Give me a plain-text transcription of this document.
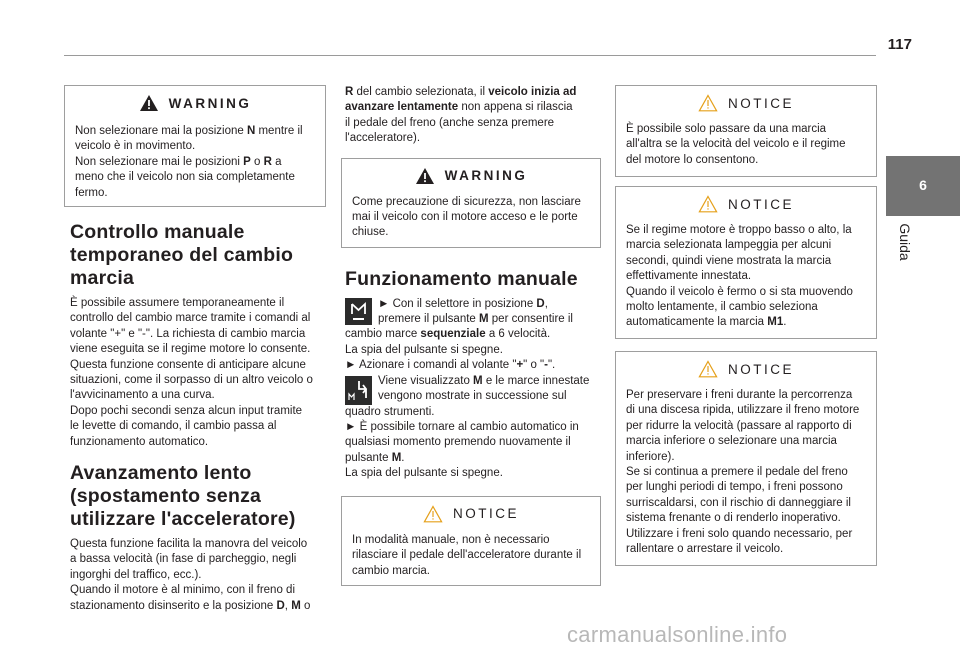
117
6
Guida
WARNING
Non selezionare mai la posizione N mentre il
veicolo è in movimento.
Non selezionare mai le posizioni P o R a
meno che il veicolo non sia completamente
fermo.
Controllo manuale
temporaneo del cambio
marcia

È possibile assumere temporaneamente il
controllo del cambio marce tramite i comandi al
volante "+" e "-". La richiesta di cambio marcia
viene eseguita se il regime motore lo consente.
Questa funzione consente di anticipare alcune
situazioni, come il sorpasso di un altro veicolo o
l'avvicinamento a una curva.
Dopo pochi secondi senza alcun input tramite
le levette di comando, il cambio passa al
funzionamento automatico.

Avanzamento lento
(spostamento senza
utilizzare l'acceleratore)

Questa funzione facilita la manovra del veicolo
a bassa velocità (in fase di parcheggio, negli
ingorghi del traffico, ecc.).
Quando il motore è al minimo, con il freno di
stazionamento disinserito e la posizione D, M o

R del cambio selezionata, il veicolo inizia ad
avanzare lentamente non appena si rilascia
il pedale del freno (anche senza premere
l'acceleratore).

WARNING
Come precauzione di sicurezza, non lasciare
mai il veicolo con il motore acceso e le porte
chiuse.
Funzionamento manuale

► Con il selettore in posizione D,
premere il pulsante M per consentire il
cambio marce sequenziale a 6 velocità.
La spia del pulsante si spegne.
► Azionare i comandi al volante "+" o "-".

Viene visualizzato M e le marce innestate
vengono mostrate in successione sul
quadro strumenti.
► È possibile tornare al cambio automatico in
qualsiasi momento premendo nuovamente il
pulsante M.
La spia del pulsante si spegne.

NOTICE
In modalità manuale, non è necessario
rilasciare il pedale dell'acceleratore durante il
cambio marcia.
NOTICE
È possibile solo passare da una marcia
all'altra se la velocità del veicolo e il regime
del motore lo consentono.
NOTICE
Se il regime motore è troppo basso o alto, la
marcia selezionata lampeggia per alcuni
secondi, quindi viene mostrata la marcia
effettivamente innestata.
Quando il veicolo è fermo o si sta muovendo
molto lentamente, il cambio seleziona
automaticamente la marcia M1.
NOTICE
Per preservare i freni durante la percorrenza
di una discesa ripida, utilizzare il freno motore
per ridurre la velocità (passare al rapporto di
marcia inferiore o selezionare una marcia
inferiore).
Se si continua a premere il pedale del freno
per lunghi periodi di tempo, i freni possono
surriscaldarsi, con il rischio di danneggiare il
sistema frenante o di renderlo inoperativo.
Utilizzare i freni solo quando necessario, per
rallentare o arrestare il veicolo.
carmanualsonline.info
